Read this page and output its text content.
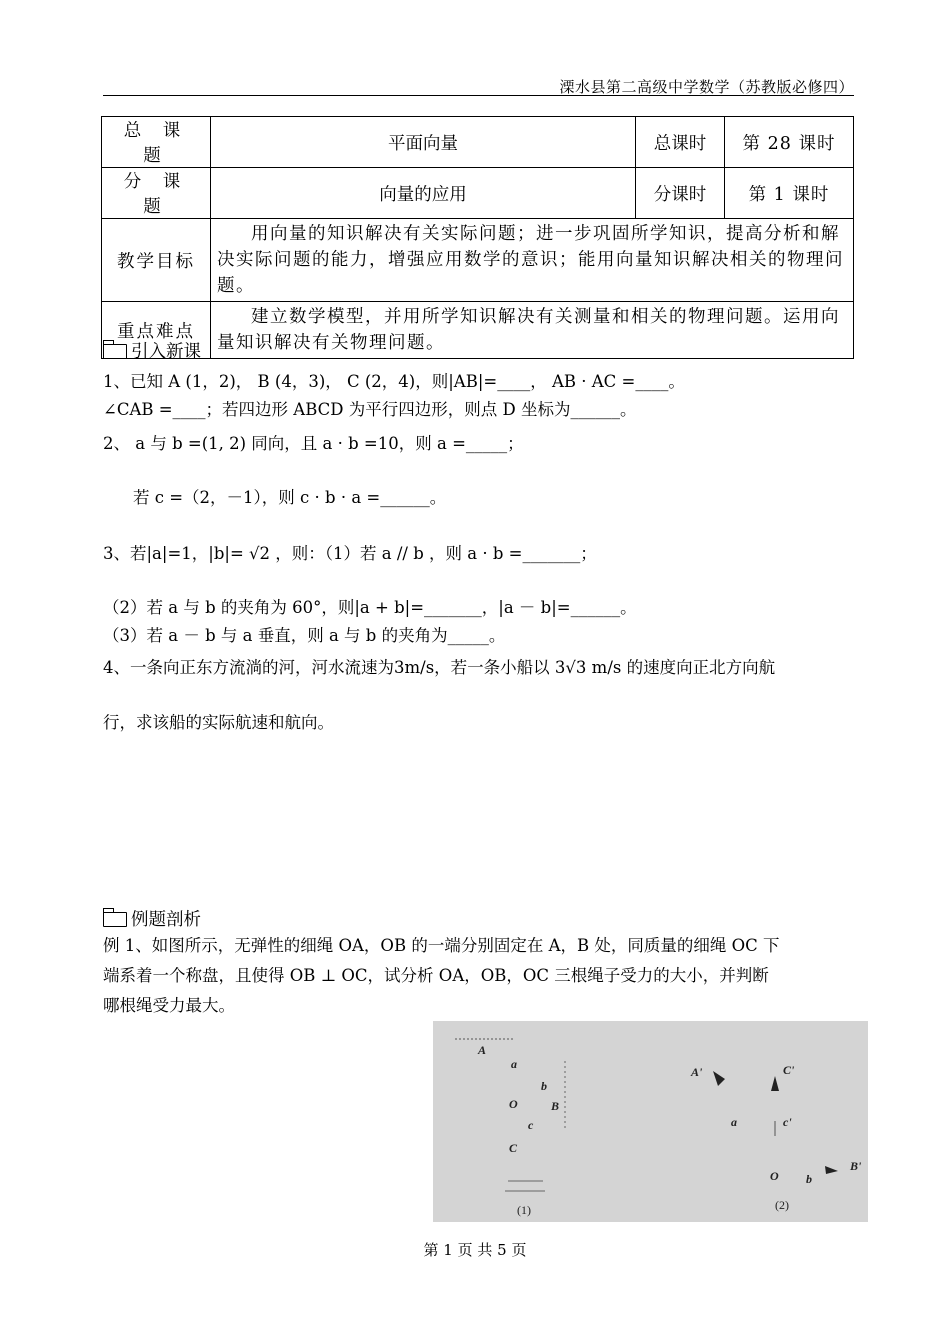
溧水县第二高级中学数学（苏教版必修四）
总 课 题	平面向量	总课时	第 28 课时
分 课 题	向量的应用	分课时	第 1 课时
教学目标	用向量的知识解决有关实际问题；进一步巩固所学知识，提高分析和解决实际问题的能力，增强应用数学的意识；能用向量知识解决相关的物理问题。		
重点难点	建立数学模型，并用所学知识解决有关测量和相关的物理问题。运用向量知识解决有关物理问题。		
引入新课
1、已知 A (1，2)， B (4，3)， C (2，4)，则|AB|=____， AB · AC =____。
∠CAB =____；若四边形 ABCD 为平行四边形，则点 D 坐标为______。
2、 a 与 b =(1, 2) 同向，且 a · b =10，则 a =_____；
若 c =（2，－1），则 c · b · a =______。
3、若|a|=1，|b|= √2 ，则：（1）若 a // b ，则 a · b =_______；
（2）若 a 与 b 的夹角为 60°，则|a + b|=_______，|a － b|=______。
（3）若 a － b 与 a 垂直，则 a 与 b 的夹角为_____。
4、一条向正东方流淌的河，河水流速为3m/s，若一条小船以 3√3 m/s 的速度向正北方向航
行，求该船的实际航速和航向。
例题剖析
例 1、如图所示，无弹性的细绳 OA，OB 的一端分别固定在 A，B 处，同质量的细绳 OC 下
端系着一个称盘，且使得 OB ⊥ OC，试分析 OA，OB，OC 三根绳子受力的大小，并判断
哪根绳受力最大。
A
a
b
O	B
c
C
A'	C'
a	c'
O b
B'
(1)	(2)
第 1 页 共 5 页
